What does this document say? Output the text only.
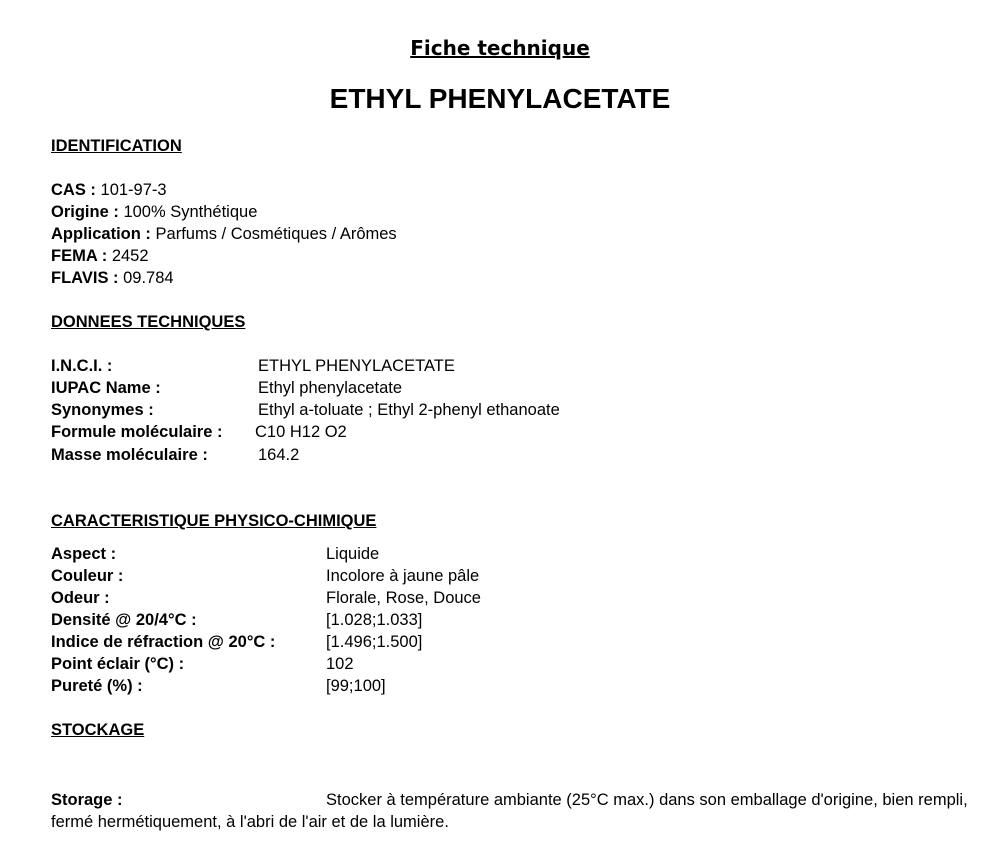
Fiche technique
ETHYL PHENYLACETATE
IDENTIFICATION
CAS : 101-97-3
Origine : 100% Synthétique
Application : Parfums / Cosmétiques / Arômes
FEMA : 2452
FLAVIS : 09.784
DONNEES TECHNIQUES
I.N.C.I. :	ETHYL PHENYLACETATE
IUPAC Name :	Ethyl phenylacetate
Synonymes :	Ethyl a-toluate ; Ethyl 2-phenyl ethanoate
Formule moléculaire : C10 H12 O2
Masse moléculaire :	164.2
CARACTERISTIQUE PHYSICO-CHIMIQUE
Aspect :	Liquide
Couleur :	Incolore à jaune pâle
Odeur :	Florale, Rose, Douce
Densité @ 20/4°C :	[1.028;1.033]
Indice de réfraction @ 20°C :	[1.496;1.500]
Point éclair (°C) :	102
Pureté (%) :	[99;100]
STOCKAGE
Storage :	Stocker à température ambiante (25°C max.) dans son emballage d'origine, bien rempli, fermé hermétiquement, à l'abri de l'air et de la lumière.
